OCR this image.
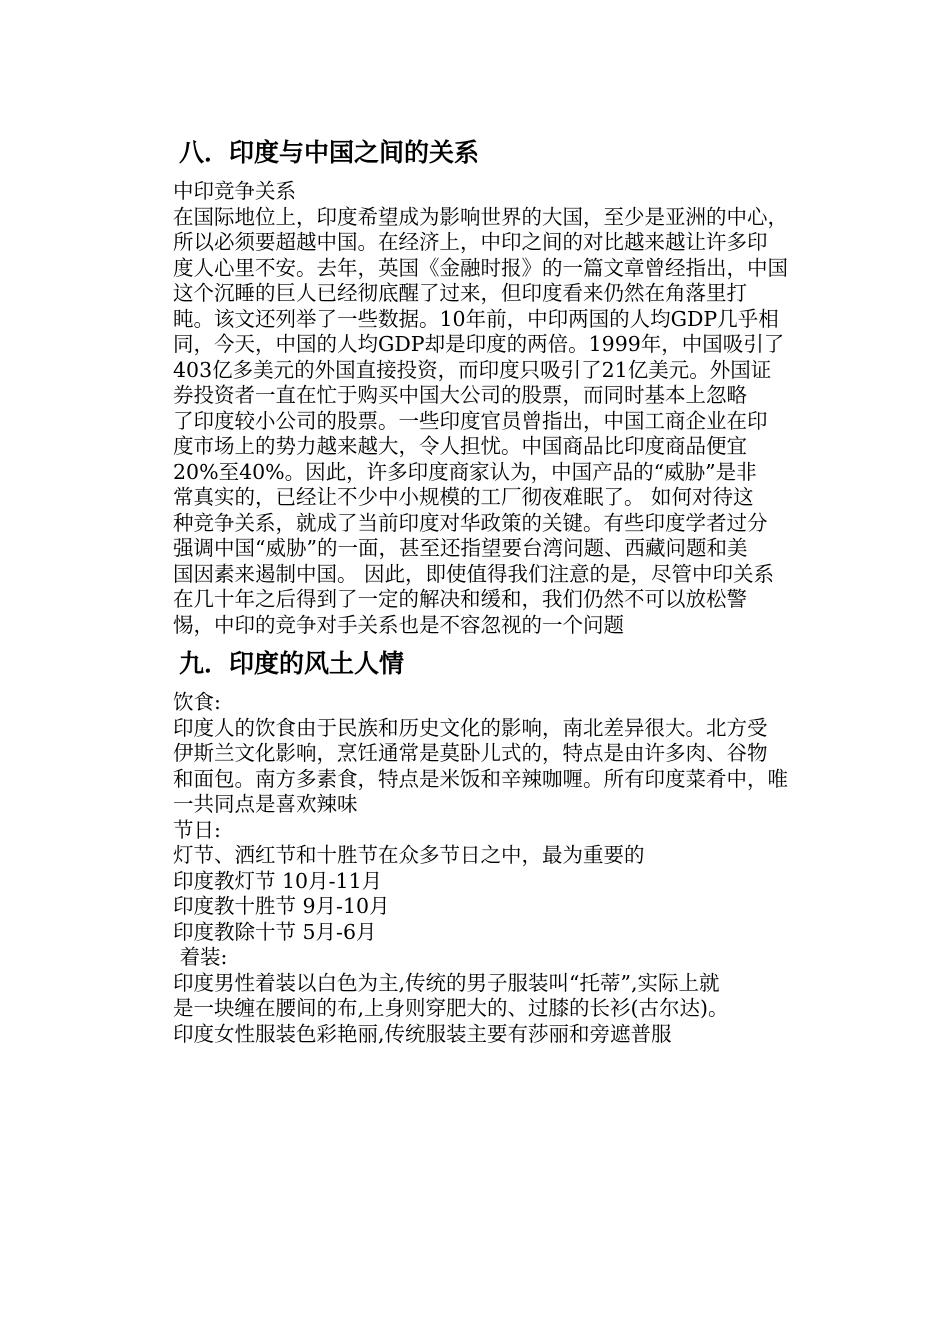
八．印度与中国之间的关系

中印竞争关系

在国际地位上，印度希望成为影响世界的大国，至少是亚洲的中心，

所以必须要超越中国。在经济上，中印之间的对比越来越让许多印

度人心里不安。去年，英国《金融时报》的一篇文章曾经指出，中国

这个沉睡的巨人已经彻底醒了过来，但印度看来仍然在角落里打

盹。该文还列举了一些数据。10年前，中印两国的人均GDP几乎相

同，今天，中国的人均GDP却是印度的两倍。1999年，中国吸引了

403亿多美元的外国直接投资，而印度只吸引了21亿美元。外国证

券投资者一直在忙于购买中国大公司的股票，而同时基本上忽略

了印度较小公司的股票。一些印度官员曾指出，中国工商企业在印

度市场上的势力越来越大，令人担忧。中国商品比印度商品便宜

20%至40%。因此，许多印度商家认为，中国产品的“威胁”是非

常真实的，已经让不少中小规模的工厂彻夜难眠了。 如何对待这

种竞争关系，就成了当前印度对华政策的关键。有些印度学者过分

强调中国“威胁”的一面，甚至还指望要台湾问题、西藏问题和美

国因素来遏制中国。 因此，即使值得我们注意的是，尽管中印关系

在几十年之后得到了一定的解决和缓和，我们仍然不可以放松警

惕，中印的竞争对手关系也是不容忽视的一个问题

九．印度的风土人情

饮食:

印度人的饮食由于民族和历史文化的影响，南北差异很大。北方受

伊斯兰文化影响，烹饪通常是莫卧儿式的，特点是由许多肉、谷物

和面包。南方多素食，特点是米饭和辛辣咖喱。所有印度菜肴中，唯

一共同点是喜欢辣味

节日:

灯节、洒红节和十胜节在众多节日之中，最为重要的

印度教灯节 10月-11月

印度教十胜节 9月-10月

印度教除十节 5月-6月

着装:

印度男性着装以白色为主,传统的男子服装叫“托蒂”,实际上就

是一块缠在腰间的布,上身则穿肥大的、过膝的长衫(古尔达)。

印度女性服装色彩艳丽,传统服装主要有莎丽和旁遮普服
